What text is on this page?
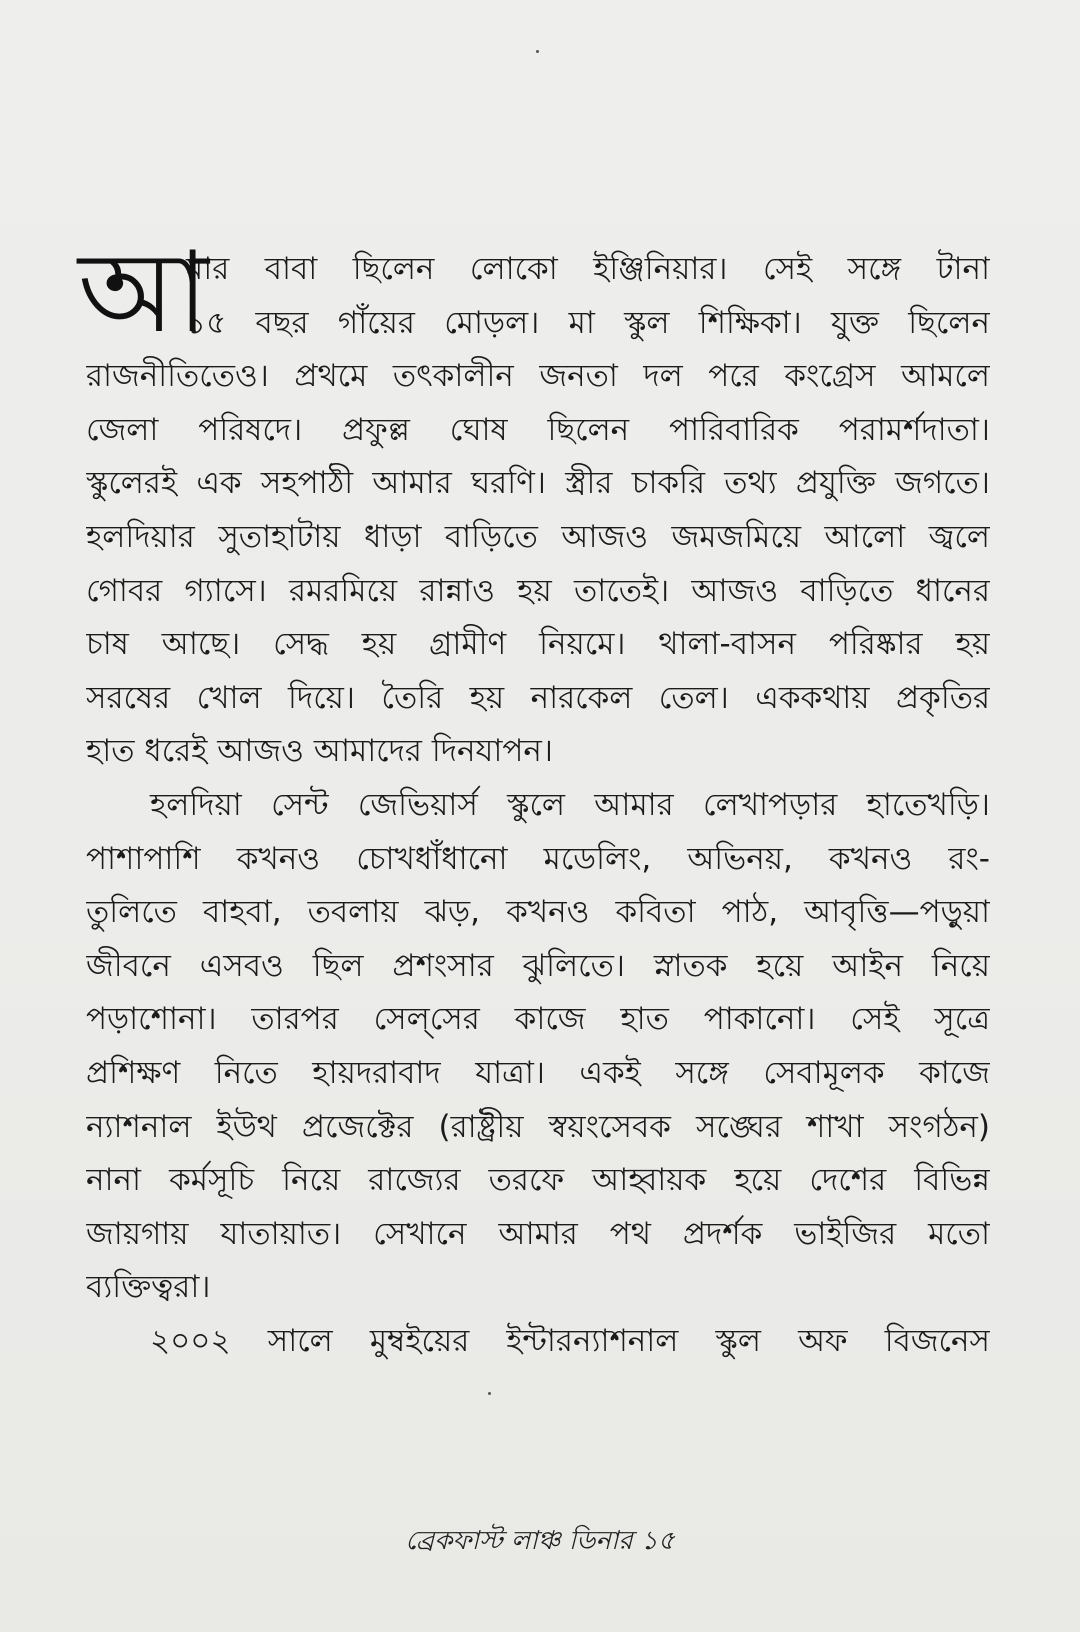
আ
মার বাবা ছিলেন লোকো ইঞ্জিনিয়ার। সেই সঙ্গে টানা
১৫ বছর গাঁয়ের মোড়ল। মা স্কুল শিক্ষিকা। যুক্ত ছিলেন
রাজনীতিতেও। প্রথমে তৎকালীন জনতা দল পরে কংগ্রেস আমলে
জেলা পরিষদে। প্রফুল্ল ঘোষ ছিলেন পারিবারিক পরামর্শদাতা।
স্কুলেরই এক সহপাঠী আমার ঘরণি। স্ত্রীর চাকরি তথ্য প্রযুক্তি জগতে।
হলদিয়ার সুতাহাটায় ধাড়া বাড়িতে আজও জমজমিয়ে আলো জ্বলে
গোবর গ্যাসে। রমরমিয়ে রান্নাও হয় তাতেই। আজও বাড়িতে ধানের
চাষ আছে। সেদ্ধ হয় গ্রামীণ নিয়মে। থালা-বাসন পরিষ্কার হয়
সরষের খোল দিয়ে। তৈরি হয় নারকেল তেল। এককথায় প্রকৃতির
হাত ধরেই আজও আমাদের দিনযাপন।
হলদিয়া সেন্ট জেভিয়ার্স স্কুলে আমার লেখাপড়ার হাতেখড়ি।
পাশাপাশি কখনও চোখধাঁধানো মডেলিং, অভিনয়, কখনও রং-
তুলিতে বাহবা, তবলায় ঝড়, কখনও কবিতা পাঠ, আবৃত্তি—পড়ুয়া
জীবনে এসবও ছিল প্রশংসার ঝুলিতে। স্নাতক হয়ে আইন নিয়ে
পড়াশোনা। তারপর সেল্‌সের কাজে হাত পাকানো। সেই সূত্রে
প্রশিক্ষণ নিতে হায়দরাবাদ যাত্রা। একই সঙ্গে সেবামূলক কাজে
ন্যাশনাল ইউথ প্রজেক্টের (রাষ্ট্রীয় স্বয়ংসেবক সঙ্ঘের শাখা সংগঠন)
নানা কর্মসূচি নিয়ে রাজ্যের তরফে আহ্বায়ক হয়ে দেশের বিভিন্ন
জায়গায় যাতায়াত। সেখানে আমার পথ প্রদর্শক ভাইজির মতো
ব্যক্তিত্বরা।
২০০২ সালে মুম্বইয়ের ইন্টারন্যাশনাল স্কুল অফ বিজনেস
ব্রেকফাস্ট লাঞ্চ ডিনার ১৫
